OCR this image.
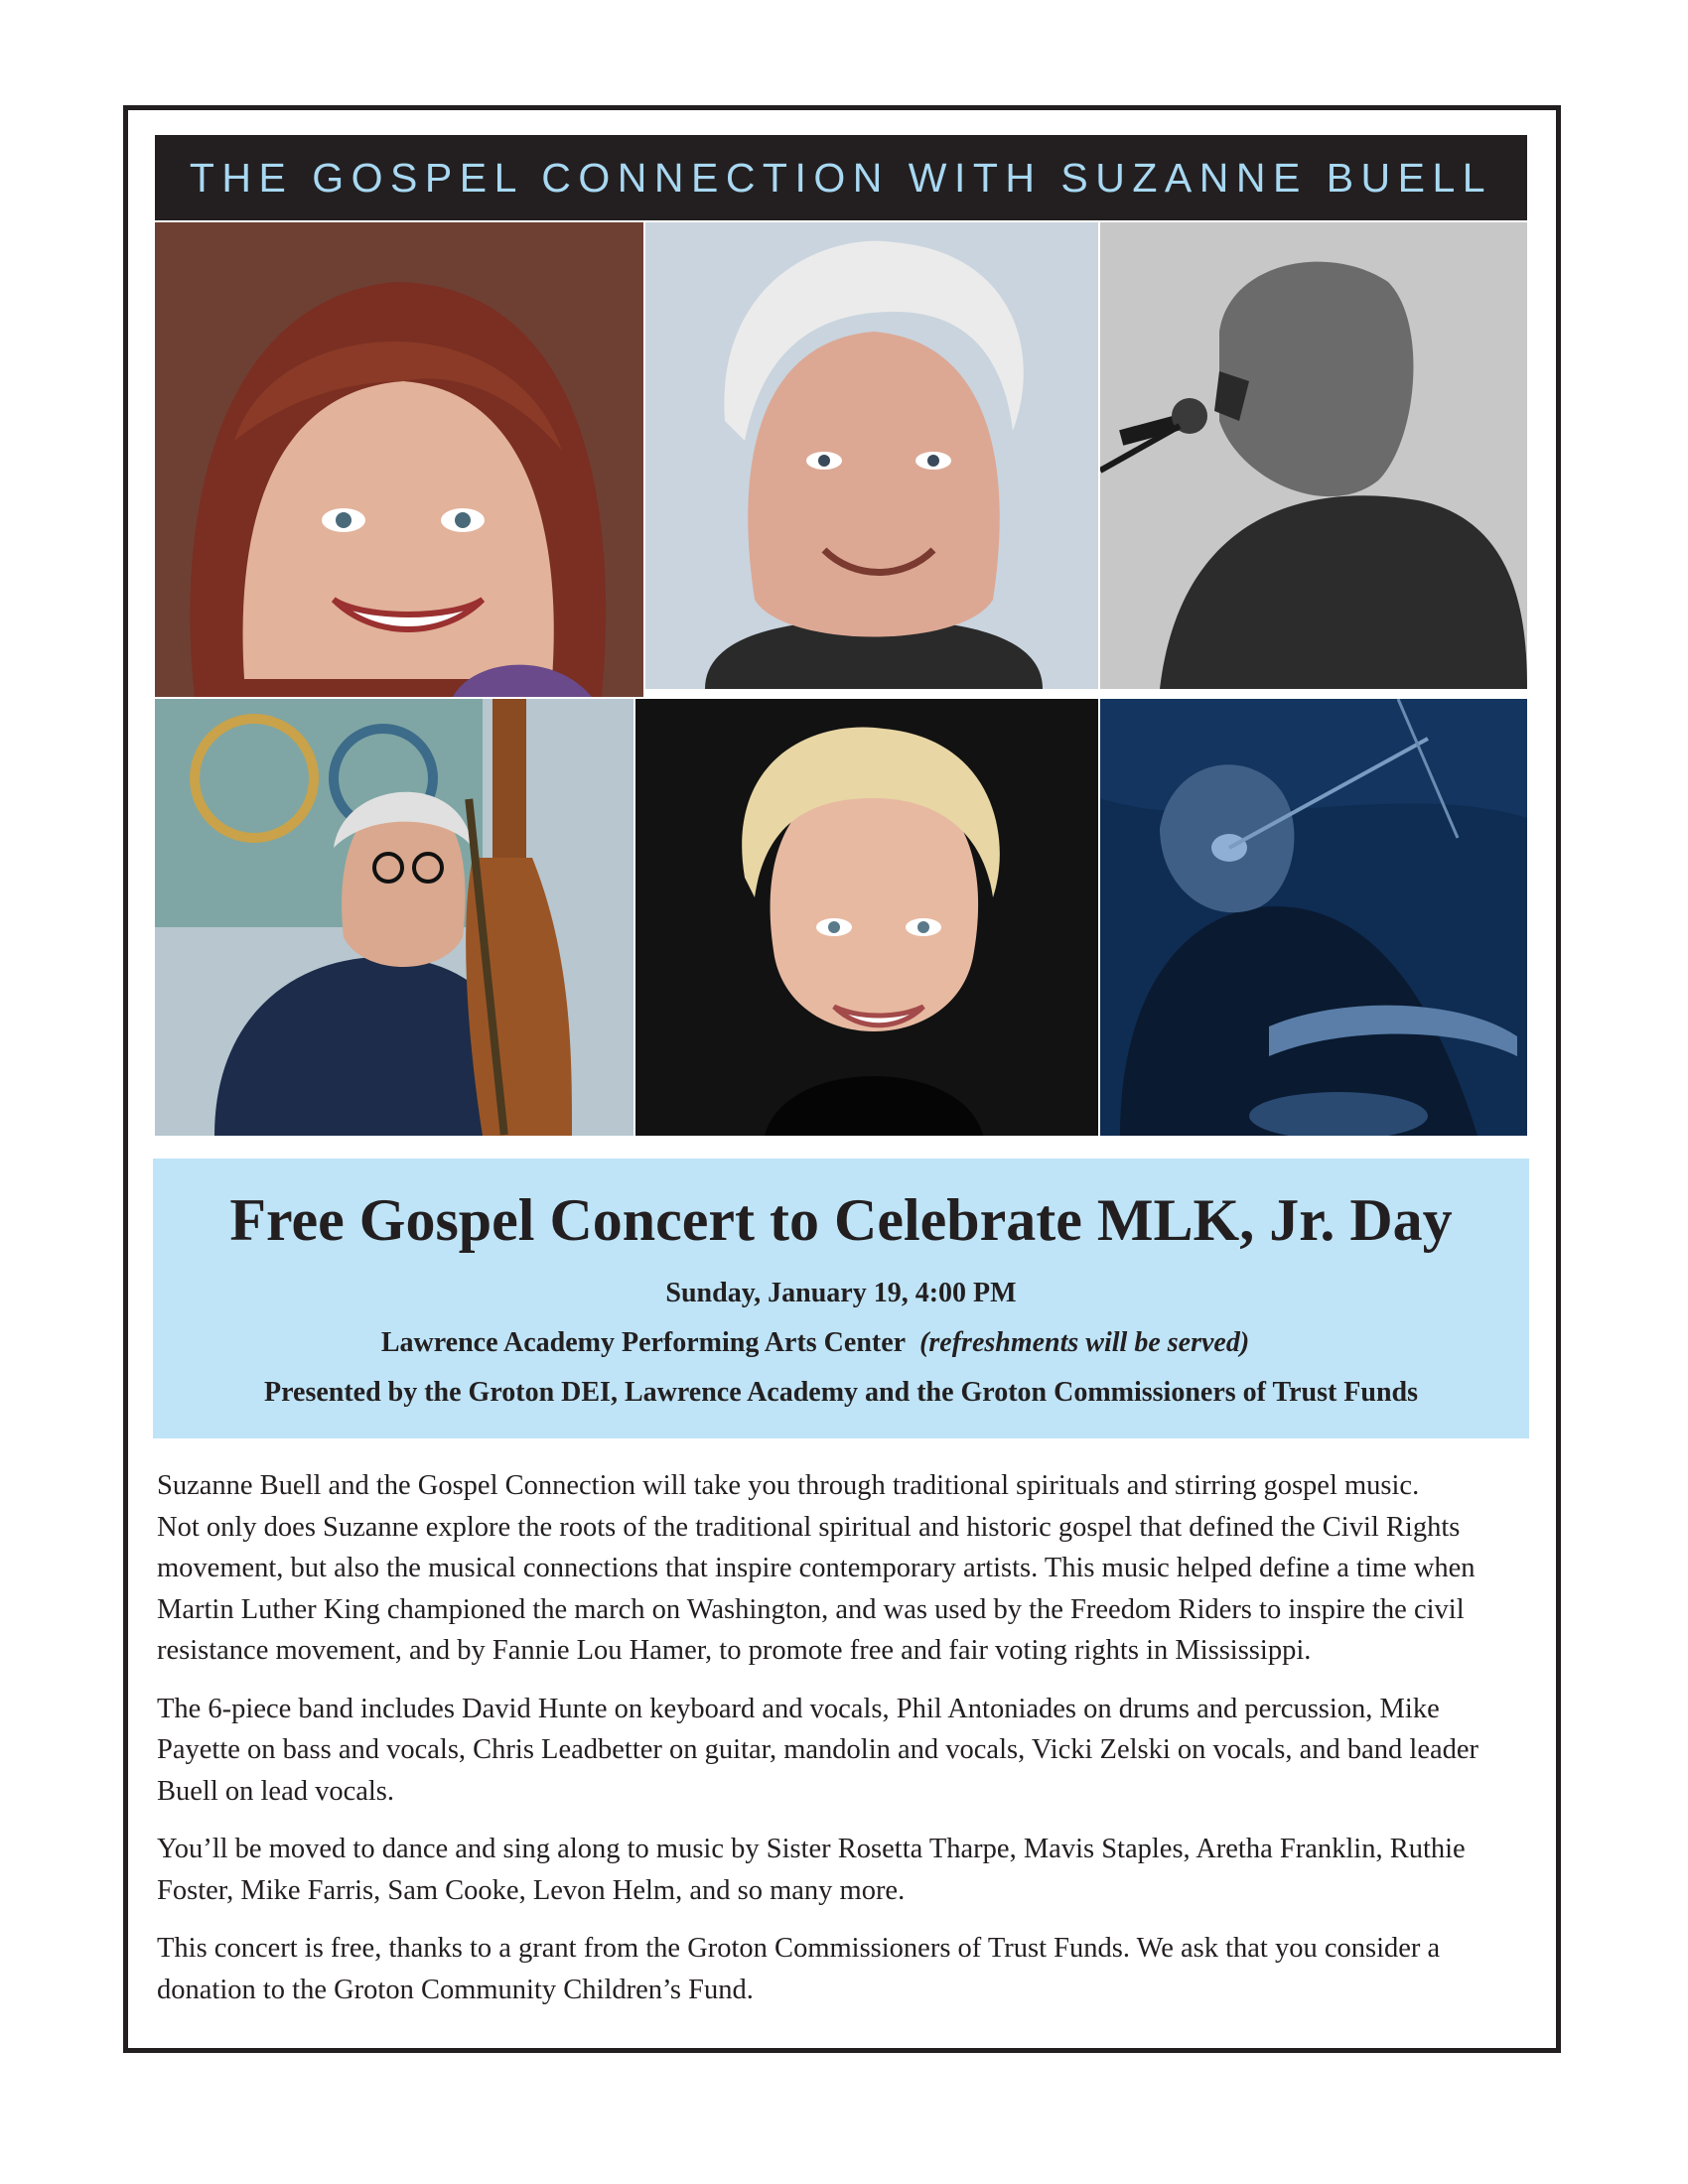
THE GOSPEL CONNECTION WITH SUZANNE BUELL
Free Gospel Concert to Celebrate MLK, Jr. Day
Sunday, January 19, 4:00 PM
Lawrence Academy Performing Arts Center (refreshments will be served)
Presented by the Groton DEI, Lawrence Academy and the Groton Commissioners of Trust Funds

Suzanne Buell and the Gospel Connection will take you through traditional spirituals and stirring gospel music.
Not only does Suzanne explore the roots of the traditional spiritual and historic gospel that defined the Civil Rights
movement, but also the musical connections that inspire contemporary artists. This music helped define a time when
Martin Luther King championed the march on Washington, and was used by the Freedom Riders to inspire the civil
resistance movement, and by Fannie Lou Hamer, to promote free and fair voting rights in Mississippi.

The 6-piece band includes David Hunte on keyboard and vocals, Phil Antoniades on drums and percussion, Mike
Payette on bass and vocals, Chris Leadbetter on guitar, mandolin and vocals, Vicki Zelski on vocals, and band leader
Buell on lead vocals.

You’ll be moved to dance and sing along to music by Sister Rosetta Tharpe, Mavis Staples, Aretha Franklin, Ruthie
Foster, Mike Farris, Sam Cooke, Levon Helm, and so many more.

This concert is free, thanks to a grant from the Groton Commissioners of Trust Funds. We ask that you consider a
donation to the Groton Community Children’s Fund.
